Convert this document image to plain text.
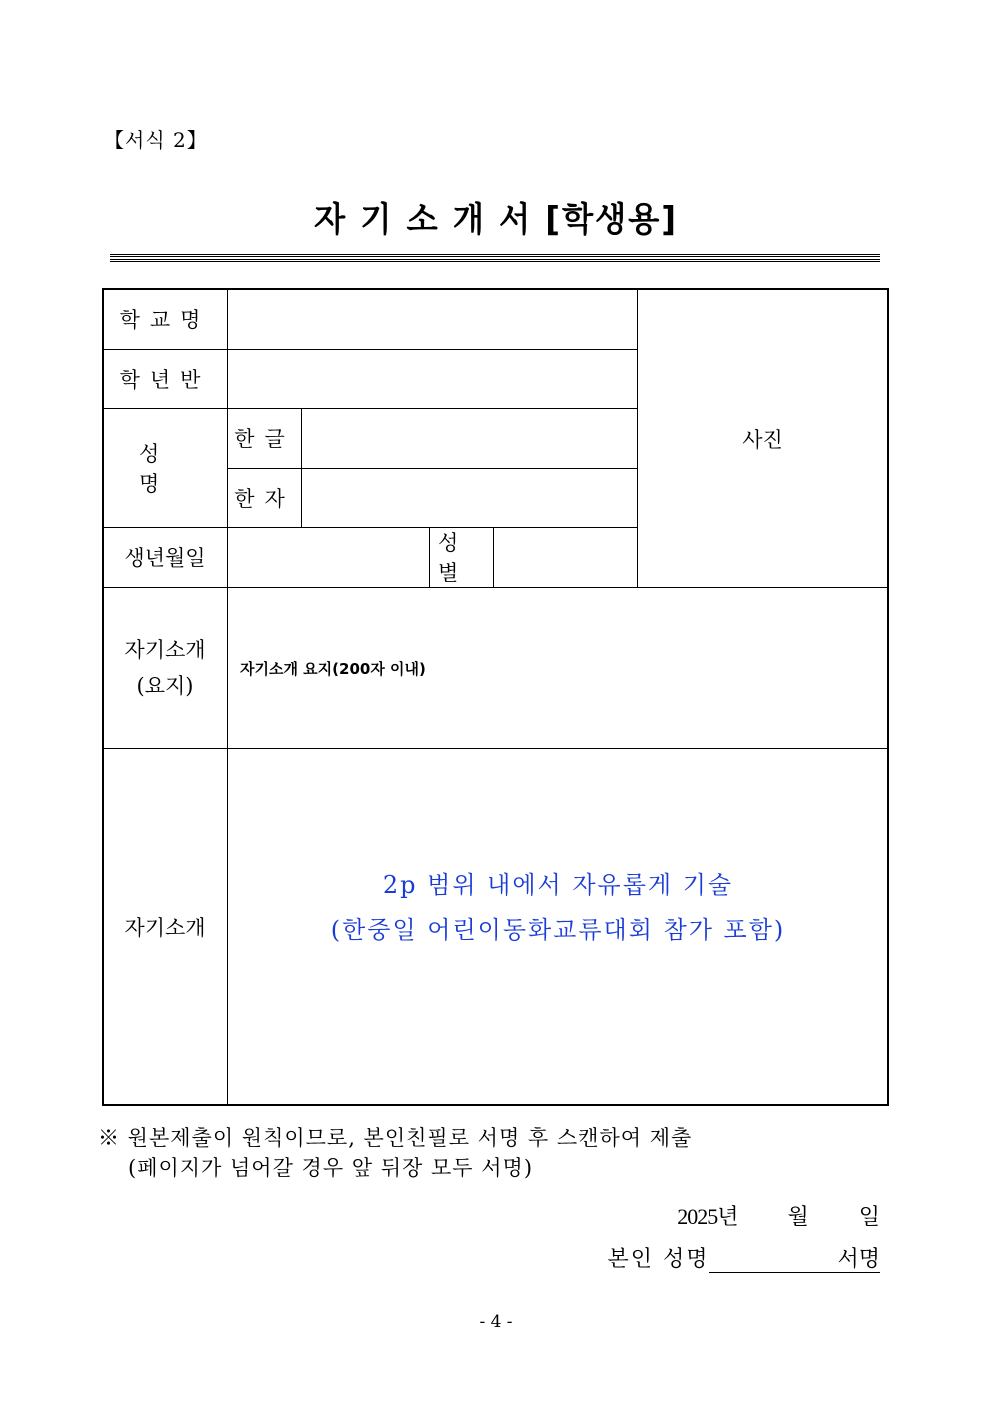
【서식 2】
자 기 소 개 서 [학생용]
학교명
학년반
성 명
한글
한자
사진
생년월일
성별
자기소개
(요지)
자기소개 요지(200자 이내)
자기소개
2p 범위 내에서 자유롭게 기술
(한중일 어린이동화교류대회 참가 포함)
※ 원본제출이 원칙이므로, 본인친필로 서명 후 스캔하여 제출
(페이지가 넘어갈 경우 앞 뒤장 모두 서명)
2025년 월 일
본인 성명	서명
- 4 -
